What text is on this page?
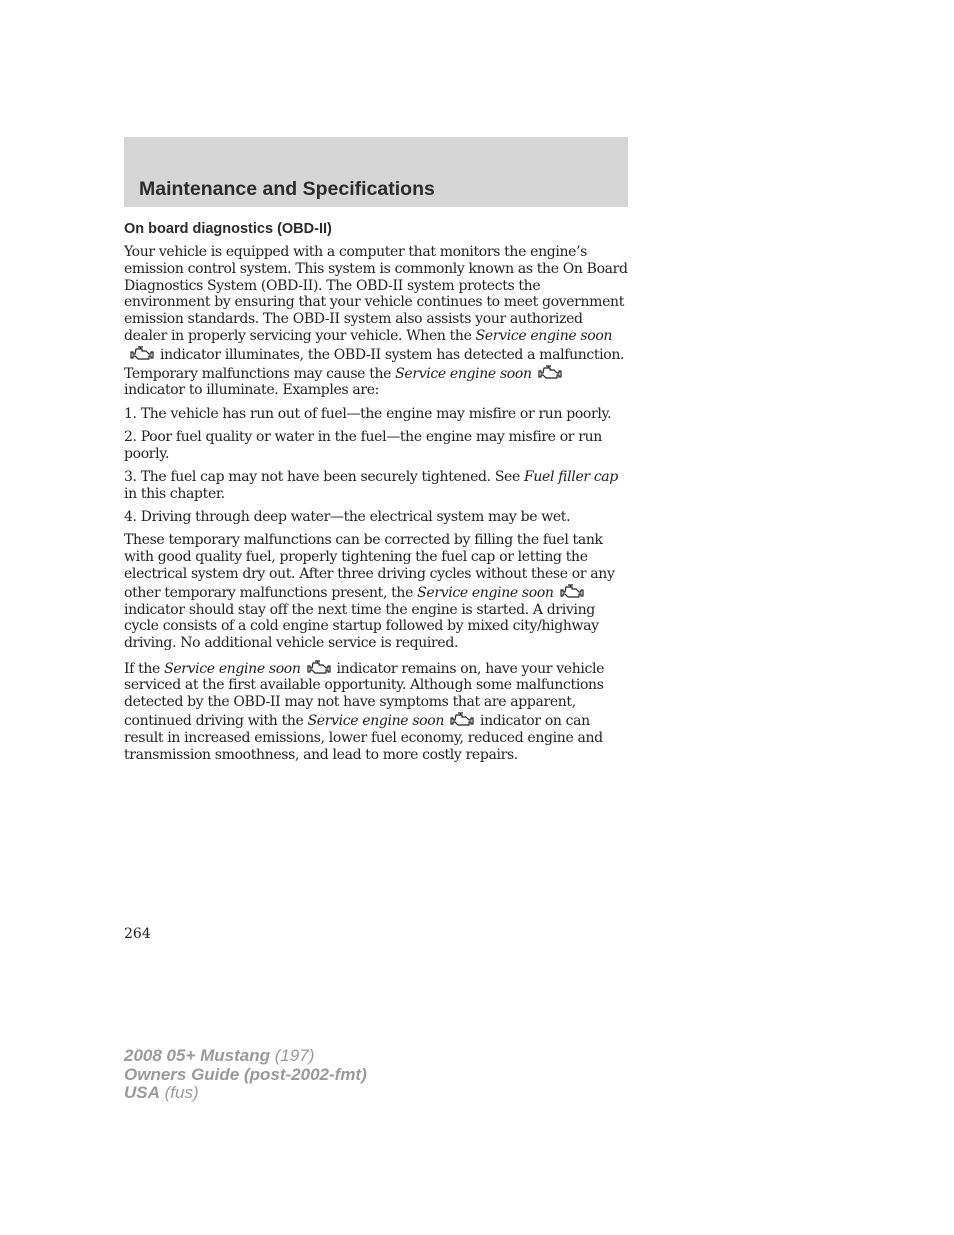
Maintenance and Specifications
On board diagnostics (OBD-II)

Your vehicle is equipped with a computer that monitors the engine’s emission control system. This system is commonly known as the On Board Diagnostics System (OBD-II). The OBD-II system protects the environment by ensuring that your vehicle continues to meet government emission standards. The OBD-II system also assists your authorized dealer in properly servicing your vehicle. When the Service engine soon
indicator illuminates, the OBD-II system has detected a malfunction. Temporary malfunctions may cause the Service engine soon
indicator to illuminate. Examples are:

1. The vehicle has run out of fuel—the engine may misfire or run poorly.

2. Poor fuel quality or water in the fuel—the engine may misfire or run poorly.

3. The fuel cap may not have been securely tightened. See Fuel filler cap in this chapter.

4. Driving through deep water—the electrical system may be wet.

These temporary malfunctions can be corrected by filling the fuel tank with good quality fuel, properly tightening the fuel cap or letting the electrical system dry out. After three driving cycles without these or any other temporary malfunctions present, the Service engine soon
indicator should stay off the next time the engine is started. A driving cycle consists of a cold engine startup followed by mixed city/highway driving. No additional vehicle service is required.

If the Service engine soon	indicator remains on, have your vehicle serviced at the first available opportunity. Although some malfunctions detected by the OBD-II may not have symptoms that are apparent, continued driving with the Service engine soon	indicator on can result in increased emissions, lower fuel economy, reduced engine and transmission smoothness, and lead to more costly repairs.

264
2008 05+ Mustang (197)
Owners Guide (post-2002-fmt)
USA (fus)
